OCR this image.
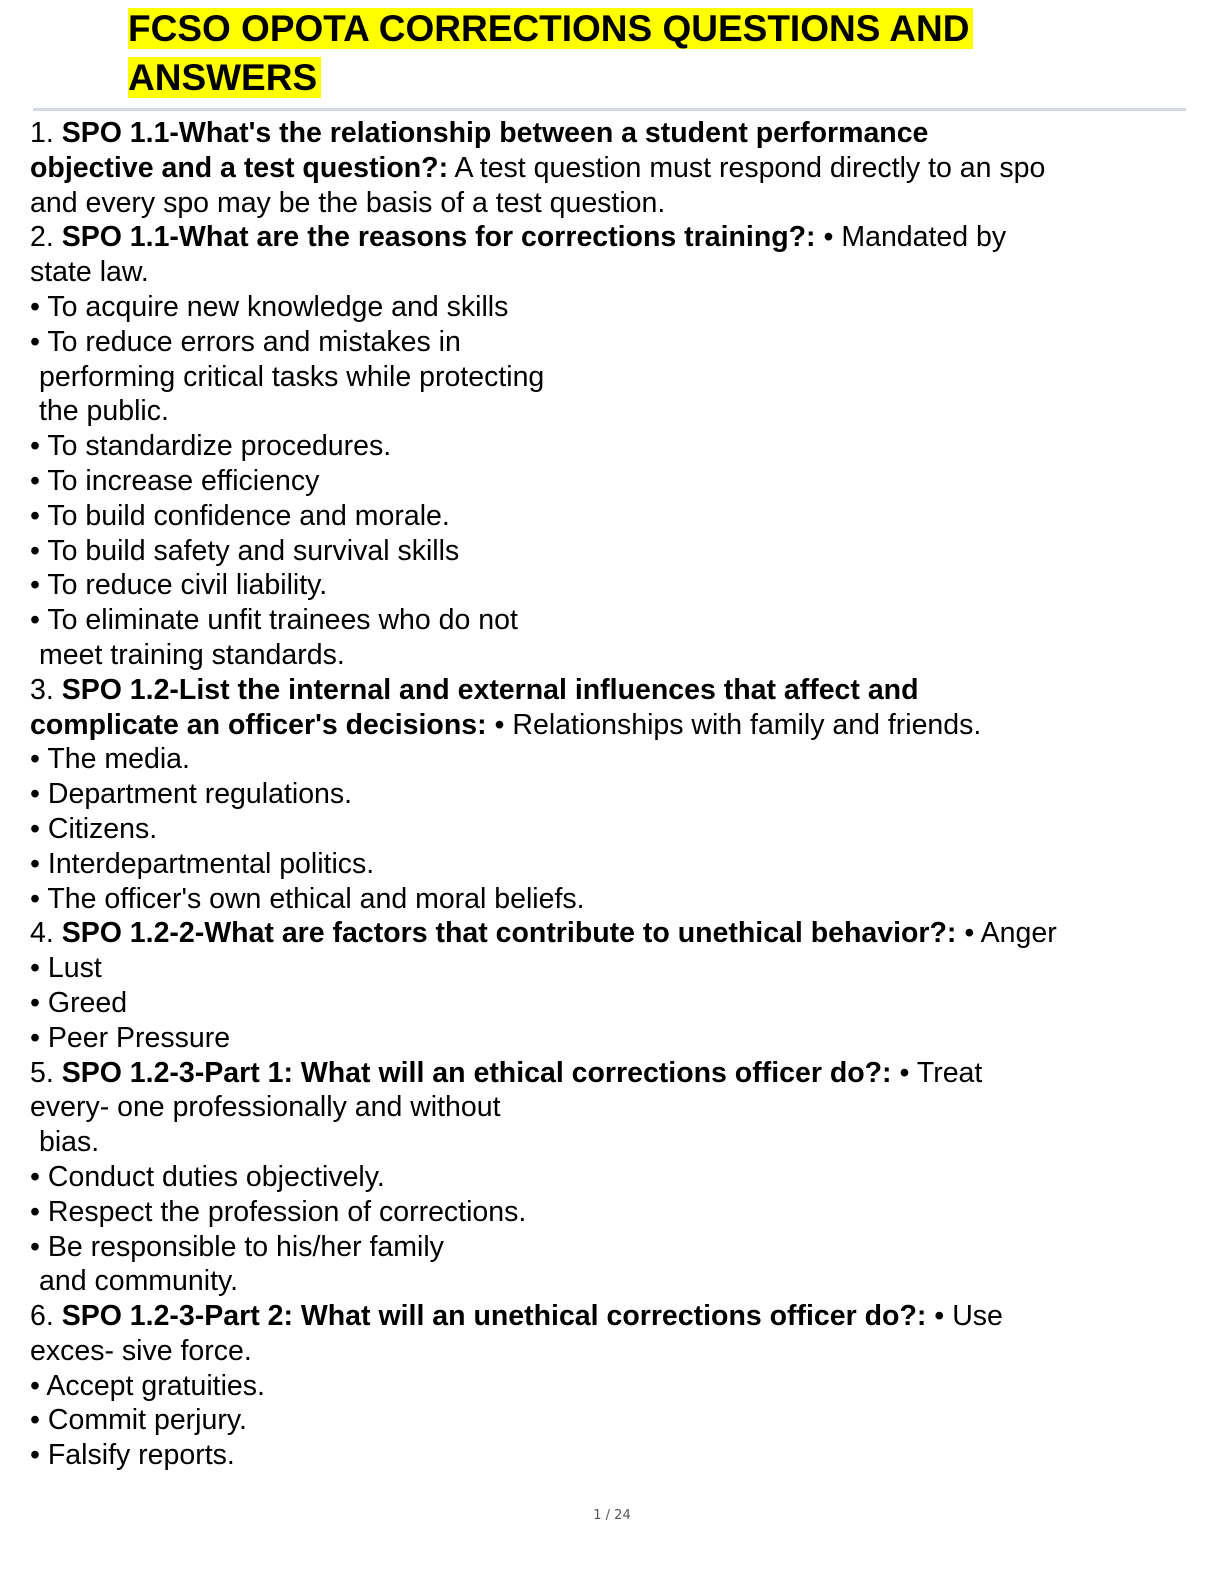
FCSO OPOTA CORRECTIONS QUESTIONS AND
ANSWERS
1. SPO 1.1-What's the relationship between a student performance
objective and a test question?: A test question must respond directly to an spo
and every spo may be the basis of a test question.
2. SPO 1.1-What are the reasons for corrections training?: • Mandated by
state law.
• To acquire new knowledge and skills
• To reduce errors and mistakes in
performing critical tasks while protecting
the public.
• To standardize procedures.
• To increase efficiency
• To build confidence and morale.
• To build safety and survival skills
• To reduce civil liability.
• To eliminate unfit trainees who do not
meet training standards.
3. SPO 1.2-List the internal and external influences that affect and
complicate an officer's decisions: • Relationships with family and friends.
• The media.
• Department regulations.
• Citizens.
• Interdepartmental politics.
• The officer's own ethical and moral beliefs.
4. SPO 1.2-2-What are factors that contribute to unethical behavior?: • Anger
• Lust
• Greed
• Peer Pressure
5. SPO 1.2-3-Part 1: What will an ethical corrections officer do?: • Treat
every- one professionally and without
bias.
• Conduct duties objectively.
• Respect the profession of corrections.
• Be responsible to his/her family
and community.
6. SPO 1.2-3-Part 2: What will an unethical corrections officer do?: • Use
exces- sive force.
• Accept gratuities.
• Commit perjury.
• Falsify reports.
1 / 24
